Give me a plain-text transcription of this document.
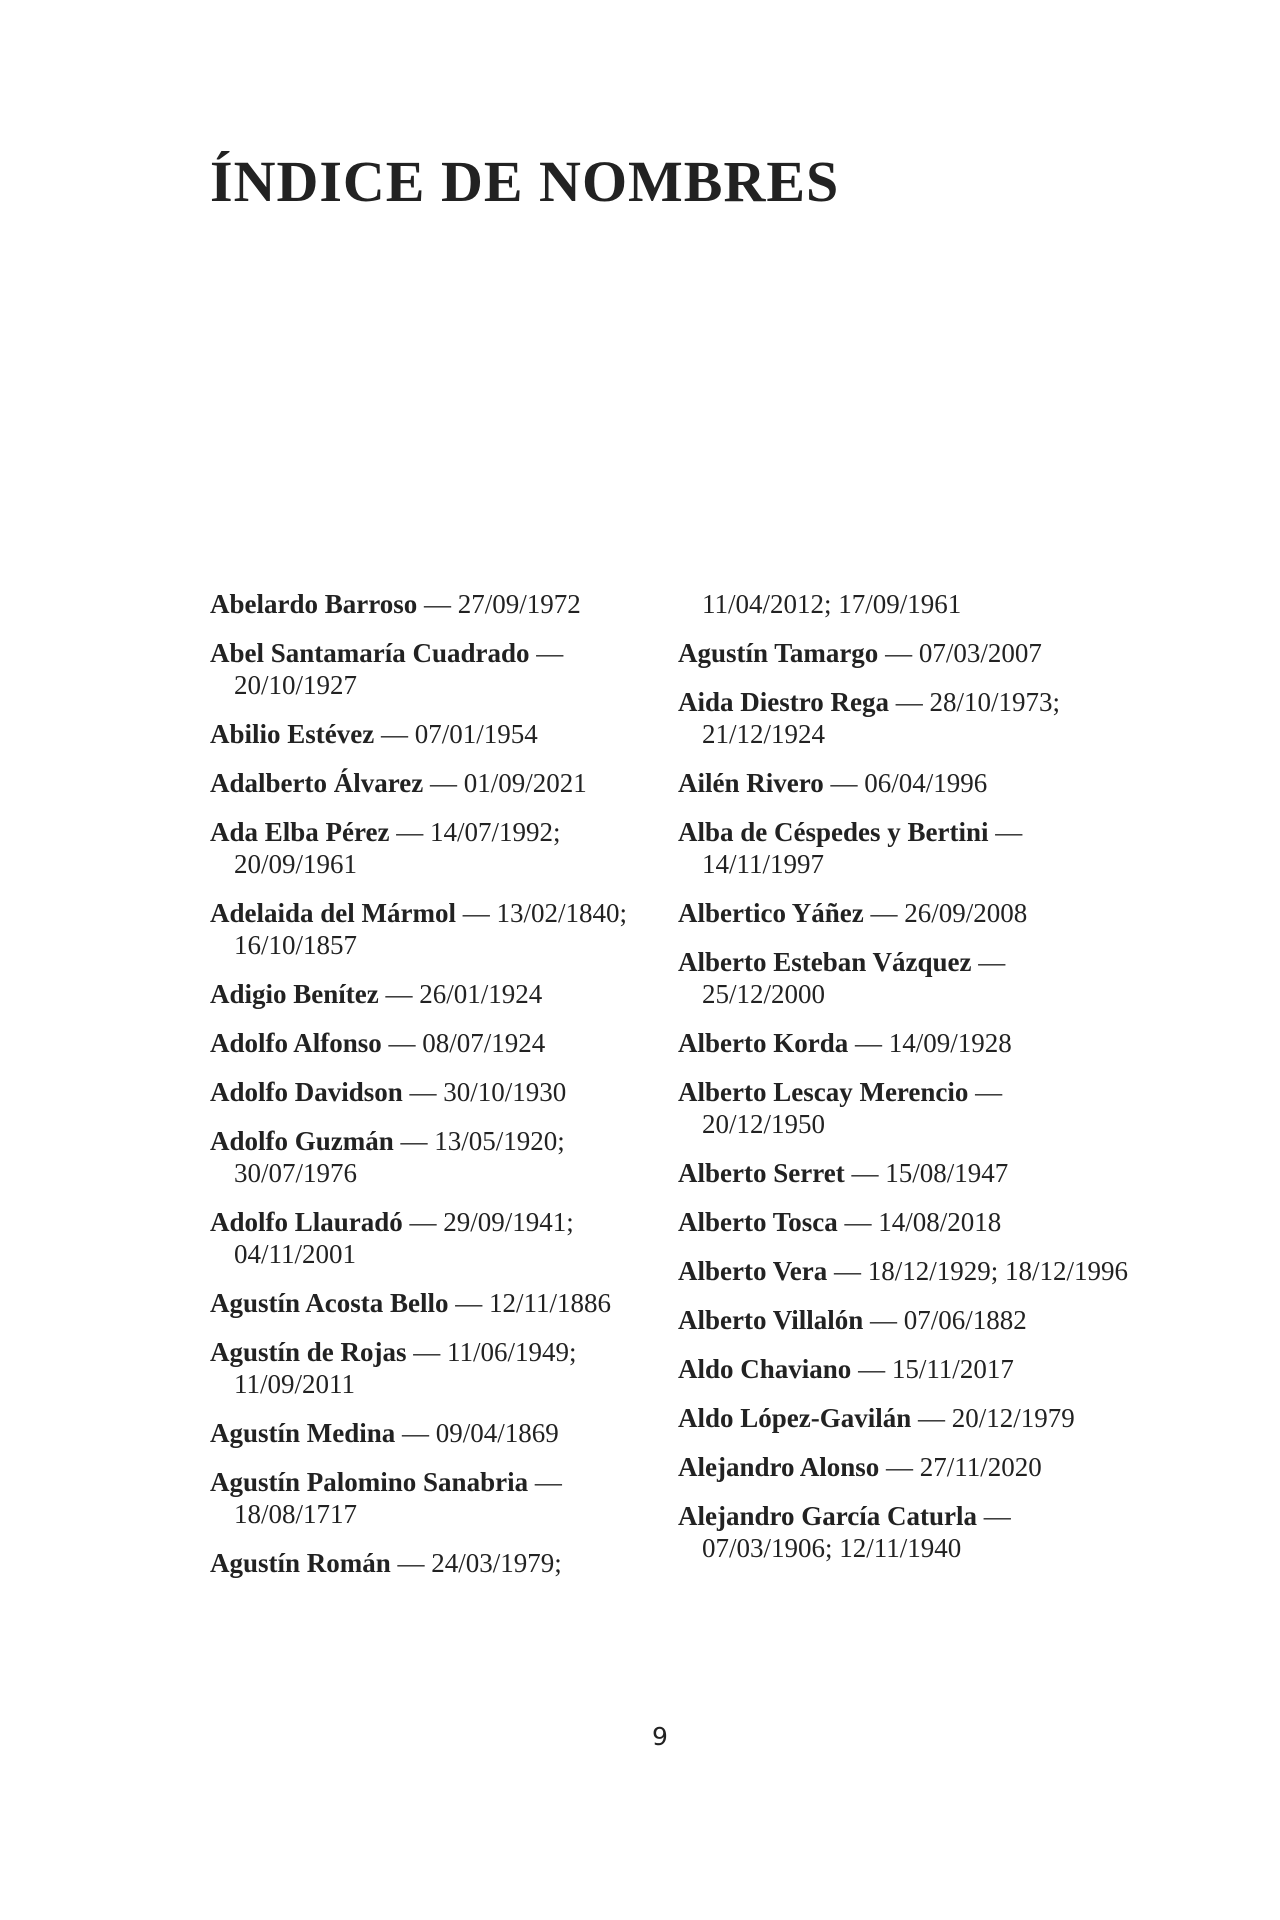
ÍNDICE DE NOMBRES

Abelardo Barroso — 27/09/1972

Abel Santamaría Cuadrado — 20/10/1927

Abilio Estévez — 07/01/1954

Adalberto Álvarez — 01/09/2021

Ada Elba Pérez — 14/07/1992; 20/09/1961

Adelaida del Mármol — 13/02/1840; 16/10/1857

Adigio Benítez — 26/01/1924

Adolfo Alfonso — 08/07/1924

Adolfo Davidson — 30/10/1930

Adolfo Guzmán — 13/05/1920; 30/07/1976

Adolfo Llauradó — 29/09/1941; 04/11/2001

Agustín Acosta Bello — 12/11/1886

Agustín de Rojas — 11/06/1949; 11/09/2011

Agustín Medina — 09/04/1869

Agustín Palomino Sanabria — 18/08/1717

Agustín Román — 24/03/1979;

11/04/2012; 17/09/1961

Agustín Tamargo — 07/03/2007

Aida Diestro Rega — 28/10/1973; 21/12/1924

Ailén Rivero — 06/04/1996

Alba de Céspedes y Bertini — 14/11/1997

Albertico Yáñez — 26/09/2008

Alberto Esteban Vázquez — 25/12/2000

Alberto Korda — 14/09/1928

Alberto Lescay Merencio — 20/12/1950

Alberto Serret — 15/08/1947

Alberto Tosca — 14/08/2018

Alberto Vera — 18/12/1929; 18/12/1996

Alberto Villalón — 07/06/1882

Aldo Chaviano — 15/11/2017

Aldo López-Gavilán — 20/12/1979

Alejandro Alonso — 27/11/2020

Alejandro García Caturla — 07/03/1906; 12/11/1940

9
